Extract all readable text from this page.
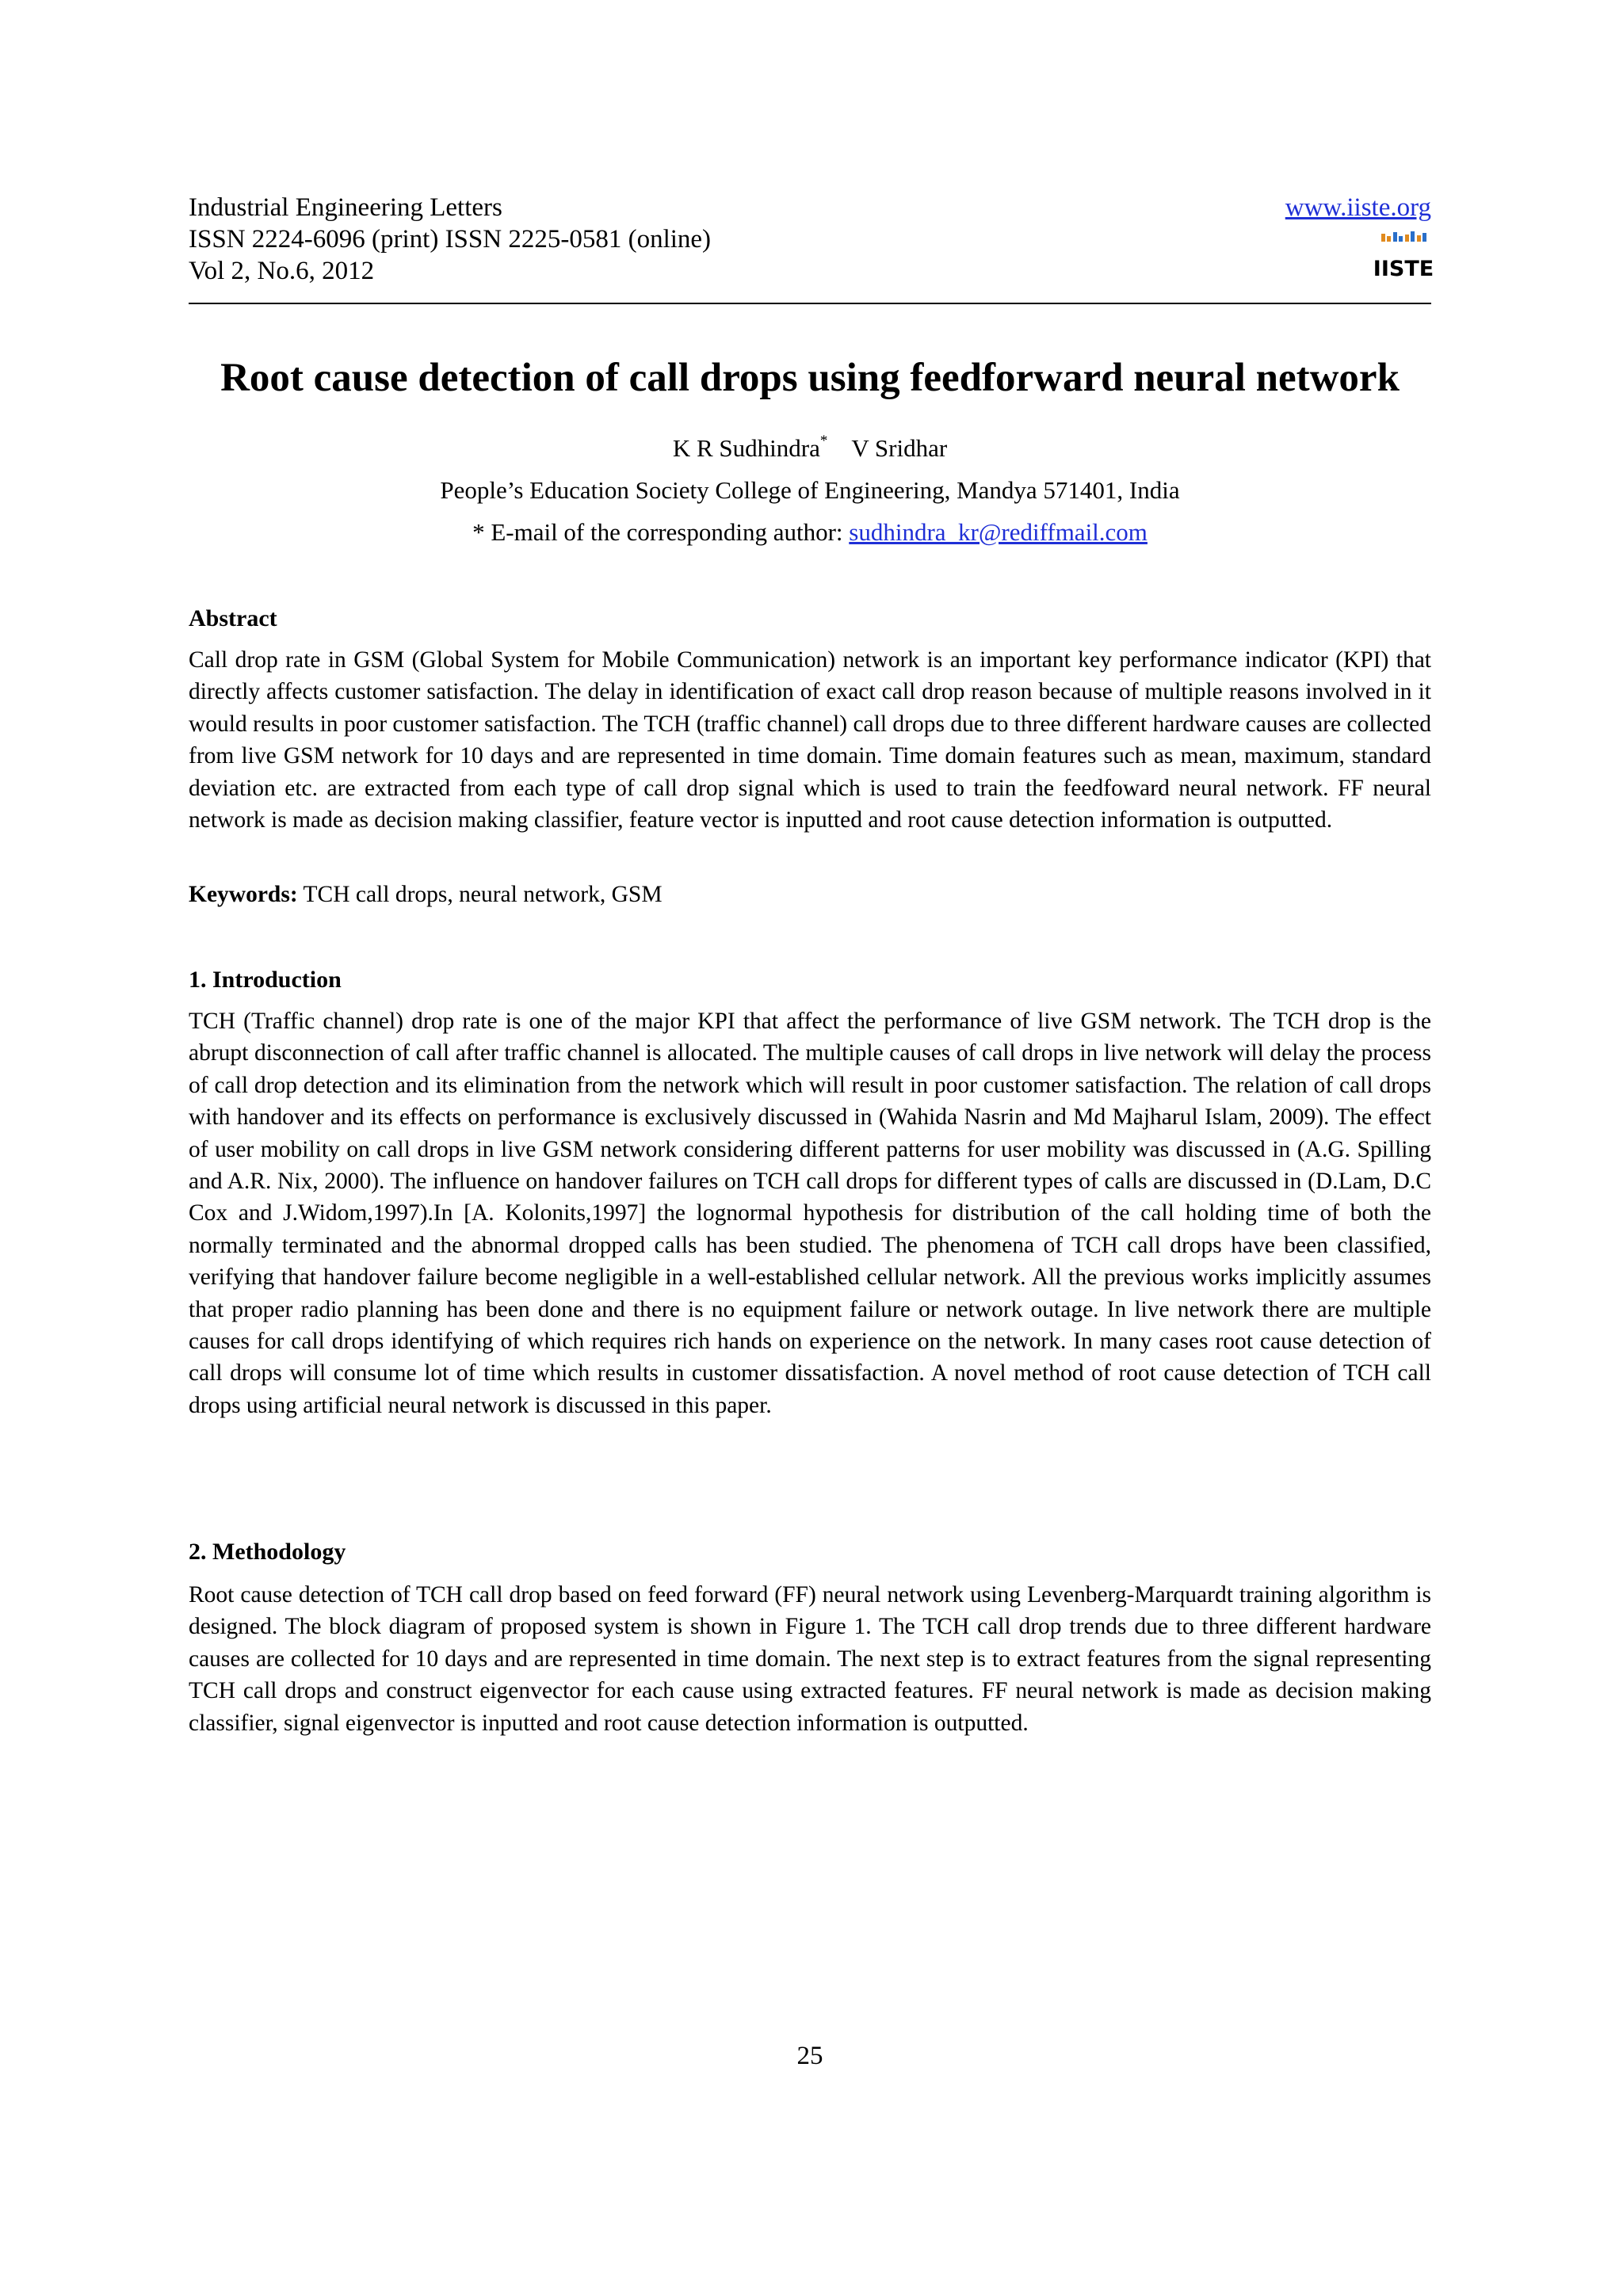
Industrial Engineering Letters
ISSN 2224-6096 (print) ISSN 2225-0581 (online)
Vol 2, No.6, 2012
www.iiste.org
IISTE
Root cause detection of call drops using feedforward neural network
K R Sudhindra* V Sridhar
People’s Education Society College of Engineering, Mandya 571401, India
* E-mail of the corresponding author: sudhindra_kr@rediffmail.com
Abstract

Call drop rate in GSM (Global System for Mobile Communication) network is an important key performance indicator (KPI) that directly affects customer satisfaction. The delay in identification of exact call drop reason because of multiple reasons involved in it would results in poor customer satisfaction. The TCH (traffic channel) call drops due to three different hardware causes are collected from live GSM network for 10 days and are represented in time domain. Time domain features such as mean, maximum, standard deviation etc. are extracted from each type of call drop signal which is used to train the feedfoward neural network. FF neural network is made as decision making classifier, feature vector is inputted and root cause detection information is outputted.

Keywords: TCH call drops, neural network, GSM
1. Introduction

TCH (Traffic channel) drop rate is one of the major KPI that affect the performance of live GSM network. The TCH drop is the abrupt disconnection of call after traffic channel is allocated. The multiple causes of call drops in live network will delay the process of call drop detection and its elimination from the network which will result in poor customer satisfaction. The relation of call drops with handover and its effects on performance is exclusively discussed in (Wahida Nasrin and Md Majharul Islam, 2009). The effect of user mobility on call drops in live GSM network considering different patterns for user mobility was discussed in (A.G. Spilling and A.R. Nix, 2000). The influence on handover failures on TCH call drops for different types of calls are discussed in (D.Lam, D.C Cox and J.Widom,1997).In [A. Kolonits,1997] the lognormal hypothesis for distribution of the call holding time of both the normally terminated and the abnormal dropped calls has been studied. The phenomena of TCH call drops have been classified, verifying that handover failure become negligible in a well-established cellular network. All the previous works implicitly assumes that proper radio planning has been done and there is no equipment failure or network outage. In live network there are multiple causes for call drops identifying of which requires rich hands on experience on the network. In many cases root cause detection of call drops will consume lot of time which results in customer dissatisfaction. A novel method of root cause detection of TCH call drops using artificial neural network is discussed in this paper.

2. Methodology

Root cause detection of TCH call drop based on feed forward (FF) neural network using Levenberg-Marquardt training algorithm is designed. The block diagram of proposed system is shown in Figure 1. The TCH call drop trends due to three different hardware causes are collected for 10 days and are represented in time domain. The next step is to extract features from the signal representing TCH call drops and construct eigenvector for each cause using extracted features. FF neural network is made as decision making classifier, signal eigenvector is inputted and root cause detection information is outputted.

25
